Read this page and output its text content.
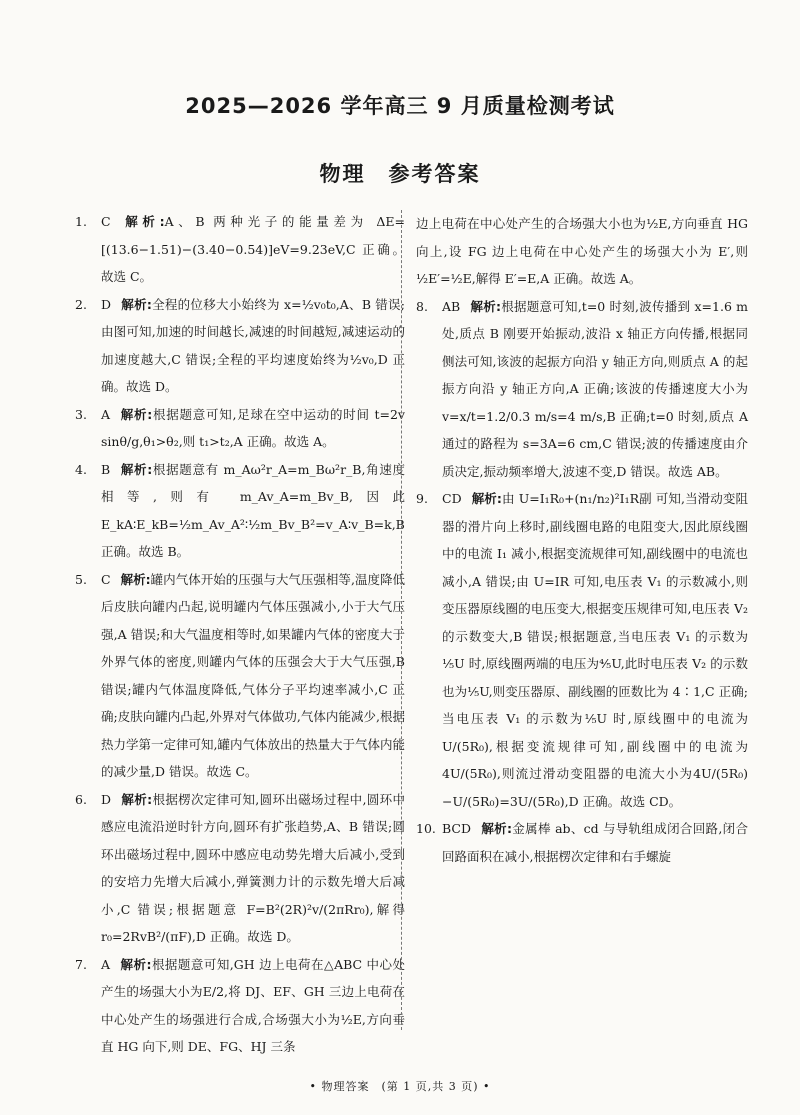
2025—2026 学年高三 9 月质量检测考试
物理　参考答案
1. C 解析:A、B 两种光子的能量差为 ΔE=[(13.6−1.51)−(3.40−0.54)]eV=9.23eV,C 正确。故选 C。
2. D 解析:全程的位移大小始终为 x=½v₀t₀,A、B 错误;由图可知,加速的时间越长,减速的时间越短,减速运动的加速度越大,C 错误;全程的平均速度始终为½v₀,D 正确。故选 D。
3. A 解析:根据题意可知,足球在空中运动的时间 t=2v sinθ/g,θ₁>θ₂,则 t₁>t₂,A 正确。故选 A。
4. B 解析:根据题意有 m_Aω²r_A=m_Bω²r_B,角速度相等,则有 m_Av_A=m_Bv_B,因此 E_kA∶E_kB=½m_Av_A²∶½m_Bv_B²=v_A∶v_B=k,B 正确。故选 B。
5. C 解析:罐内气体开始的压强与大气压强相等,温度降低后皮肤向罐内凸起,说明罐内气体压强减小,小于大气压强,A 错误;和大气温度相等时,如果罐内气体的密度大于外界气体的密度,则罐内气体的压强会大于大气压强,B 错误;罐内气体温度降低,气体分子平均速率减小,C 正确;皮肤向罐内凸起,外界对气体做功,气体内能减少,根据热力学第一定律可知,罐内气体放出的热量大于气体内能的减少量,D 错误。故选 C。
6. D 解析:根据楞次定律可知,圆环出磁场过程中,圆环中感应电流沿逆时针方向,圆环有扩张趋势,A、B 错误;圆环出磁场过程中,圆环中感应电动势先增大后减小,受到的安培力先增大后减小,弹簧测力计的示数先增大后减小,C 错误;根据题意 F=B²(2R)²v/(2πRr₀),解得 r₀=2RvB²/(πF),D 正确。故选 D。
7. A 解析:根据题意可知,GH 边上电荷在△ABC 中心处产生的场强大小为E/2,将 DJ、EF、GH 三边上电荷在中心处产生的场强进行合成,合场强大小为½E,方向垂直 HG 向下,则 DE、FG、HJ 三条
边上电荷在中心处产生的合场强大小也为½E,方向垂直 HG 向上,设 FG 边上电荷在中心处产生的场强大小为 E′,则½E′=½E,解得 E′=E,A 正确。故选 A。
8. AB 解析:根据题意可知,t=0 时刻,波传播到 x=1.6 m 处,质点 B 刚要开始振动,波沿 x 轴正方向传播,根据同侧法可知,该波的起振方向沿 y 轴正方向,则质点 A 的起振方向沿 y 轴正方向,A 正确;该波的传播速度大小为 v=x/t=1.2/0.3 m/s=4 m/s,B 正确;t=0 时刻,质点 A 通过的路程为 s=3A=6 cm,C 错误;波的传播速度由介质决定,振动频率增大,波速不变,D 错误。故选 AB。
9. CD 解析:由 U=I₁R₀+(n₁/n₂)²I₁R副 可知,当滑动变阻器的滑片向上移时,副线圈电路的电阻变大,因此原线圈中的电流 I₁ 减小,根据变流规律可知,副线圈中的电流也减小,A 错误;由 U=IR 可知,电压表 V₁ 的示数减小,则变压器原线圈的电压变大,根据变压规律可知,电压表 V₂ 的示数变大,B 错误;根据题意,当电压表 V₁ 的示数为⅕U 时,原线圈两端的电压为⅘U,此时电压表 V₂ 的示数也为⅕U,则变压器原、副线圈的匝数比为 4∶1,C 正确;当电压表 V₁ 的示数为⅕U 时,原线圈中的电流为U/(5R₀),根据变流规律可知,副线圈中的电流为4U/(5R₀),则流过滑动变阻器的电流大小为4U/(5R₀)−U/(5R₀)=3U/(5R₀),D 正确。故选 CD。
10. BCD 解析:金属棒 ab、cd 与导轨组成闭合回路,闭合回路面积在减小,根据楞次定律和右手螺旋
• 物理答案　(第 1 页,共 3 页) •
